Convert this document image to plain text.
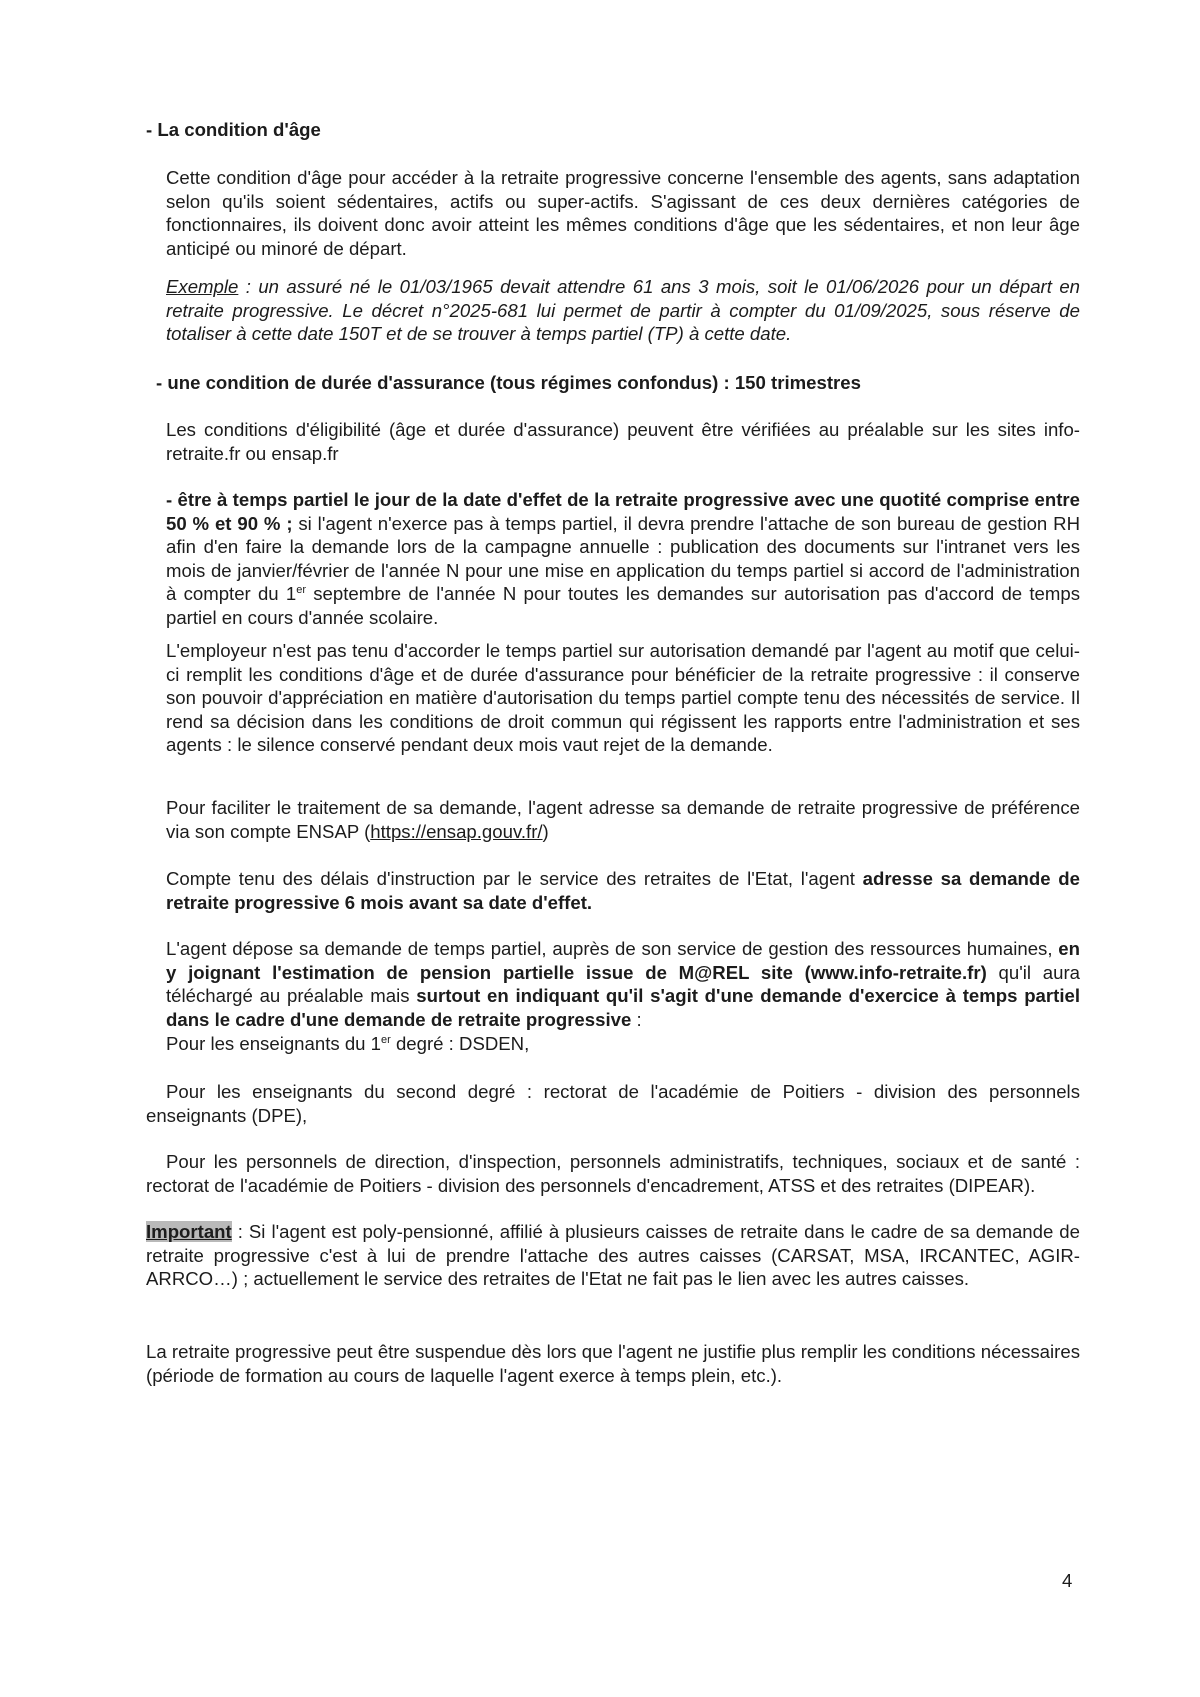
- La condition d'âge

Cette condition d'âge pour accéder à la retraite progressive concerne l'ensemble des agents, sans adaptation selon qu'ils soient sédentaires, actifs ou super-actifs. S'agissant de ces deux dernières catégories de fonctionnaires, ils doivent donc avoir atteint les mêmes conditions d'âge que les sédentaires, et non leur âge anticipé ou minoré de départ.

Exemple : un assuré né le 01/03/1965 devait attendre 61 ans 3 mois, soit le 01/06/2026 pour un départ en retraite progressive. Le décret n°2025-681 lui permet de partir à compter du 01/09/2025, sous réserve de totaliser à cette date 150T et de se trouver à temps partiel (TP) à cette date.

- une condition de durée d'assurance (tous régimes confondus) : 150 trimestres

Les conditions d'éligibilité (âge et durée d'assurance) peuvent être vérifiées au préalable sur les sites info-retraite.fr ou ensap.fr

- être à temps partiel le jour de la date d'effet de la retraite progressive avec une quotité comprise entre 50 % et 90 % ; si l'agent n'exerce pas à temps partiel, il devra prendre l'attache de son bureau de gestion RH afin d'en faire la demande lors de la campagne annuelle : publication des documents sur l'intranet vers les mois de janvier/février de l'année N pour une mise en application du temps partiel si accord de l'administration à compter du 1er septembre de l'année N pour toutes les demandes sur autorisation pas d'accord de temps partiel en cours d'année scolaire.

L'employeur n'est pas tenu d'accorder le temps partiel sur autorisation demandé par l'agent au motif que celui-ci remplit les conditions d'âge et de durée d'assurance pour bénéficier de la retraite progressive : il conserve son pouvoir d'appréciation en matière d'autorisation du temps partiel compte tenu des nécessités de service. Il rend sa décision dans les conditions de droit commun qui régissent les rapports entre l'administration et ses agents : le silence conservé pendant deux mois vaut rejet de la demande.

Pour faciliter le traitement de sa demande, l'agent adresse sa demande de retraite progressive de préférence via son compte ENSAP (https://ensap.gouv.fr/)

Compte tenu des délais d'instruction par le service des retraites de l'Etat, l'agent adresse sa demande de retraite progressive 6 mois avant sa date d'effet.

L'agent dépose sa demande de temps partiel, auprès de son service de gestion des ressources humaines, en y joignant l'estimation de pension partielle issue de M@REL site (www.info-retraite.fr) qu'il aura téléchargé au préalable mais surtout en indiquant qu'il s'agit d'une demande d'exercice à temps partiel dans le cadre d'une demande de retraite progressive :

Pour les enseignants du 1er degré : DSDEN,

Pour les enseignants du second degré : rectorat de l'académie de Poitiers - division des personnels enseignants (DPE),

Pour les personnels de direction, d'inspection, personnels administratifs, techniques, sociaux et de santé : rectorat de l'académie de Poitiers - division des personnels d'encadrement, ATSS et des retraites (DIPEAR).

Important : Si l'agent est poly-pensionné, affilié à plusieurs caisses de retraite dans le cadre de sa demande de retraite progressive c'est à lui de prendre l'attache des autres caisses (CARSAT, MSA, IRCANTEC, AGIR-ARRCO…) ; actuellement le service des retraites de l'Etat ne fait pas le lien avec les autres caisses.

La retraite progressive peut être suspendue dès lors que l'agent ne justifie plus remplir les conditions nécessaires (période de formation au cours de laquelle l'agent exerce à temps plein, etc.).

4
